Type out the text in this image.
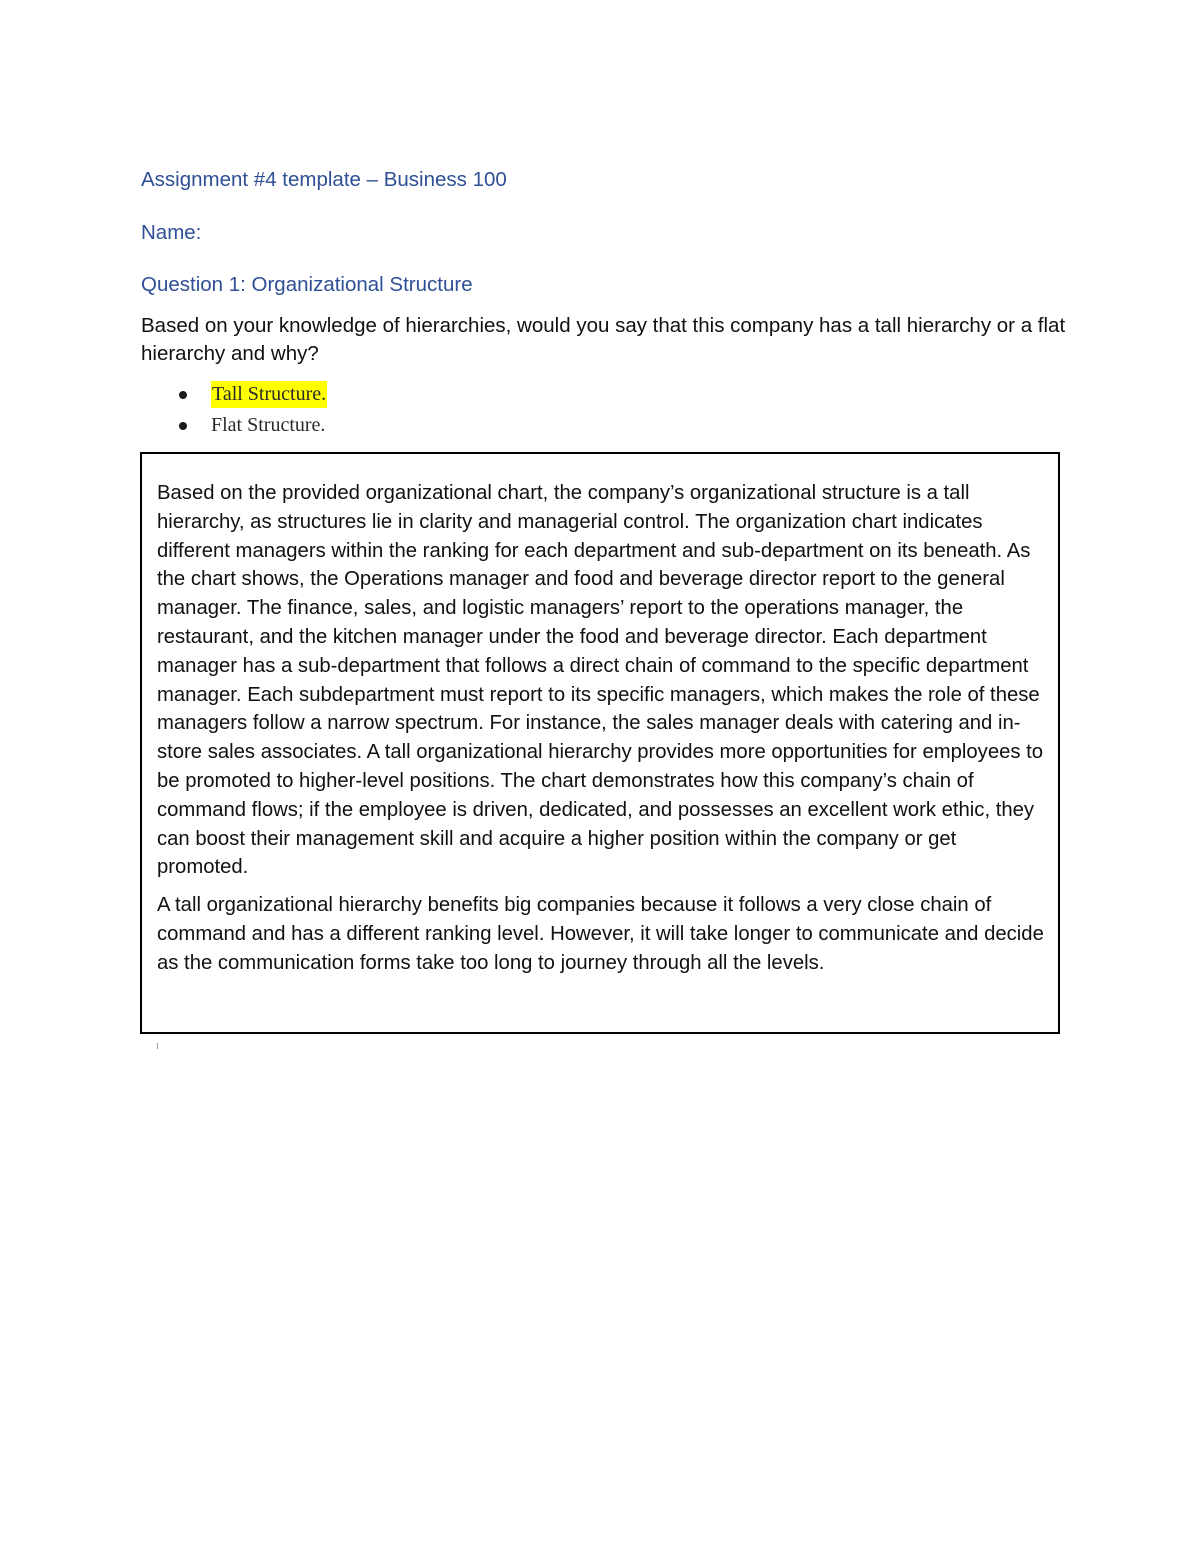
Assignment #4 template – Business 100
Name:
Question 1: Organizational Structure

Based on your knowledge of hierarchies, would you say that this company has a tall hierarchy or a flat hierarchy and why?

Tall Structure.
Flat Structure.

Based on the provided organizational chart, the company’s organizational structure is a tall hierarchy, as structures lie in clarity and managerial control. The organization chart indicates different managers within the ranking for each department and sub-department on its beneath. As the chart shows, the Operations manager and food and beverage director report to the general manager. The finance, sales, and logistic managers’ report to the operations manager, the restaurant, and the kitchen manager under the food and beverage director. Each department manager has a sub-department that follows a direct chain of command to the specific department manager. Each subdepartment must report to its specific managers, which makes the role of these managers follow a narrow spectrum. For instance, the sales manager deals with catering and in-store sales associates. A tall organizational hierarchy provides more opportunities for employees to be promoted to higher-level positions. The chart demonstrates how this company’s chain of command flows; if the employee is driven, dedicated, and possesses an excellent work ethic, they can boost their management skill and acquire a higher position within the company or get promoted.

A tall organizational hierarchy benefits big companies because it follows a very close chain of command and has a different ranking level. However, it will take longer to communicate and decide as the communication forms take too long to journey through all the levels.
